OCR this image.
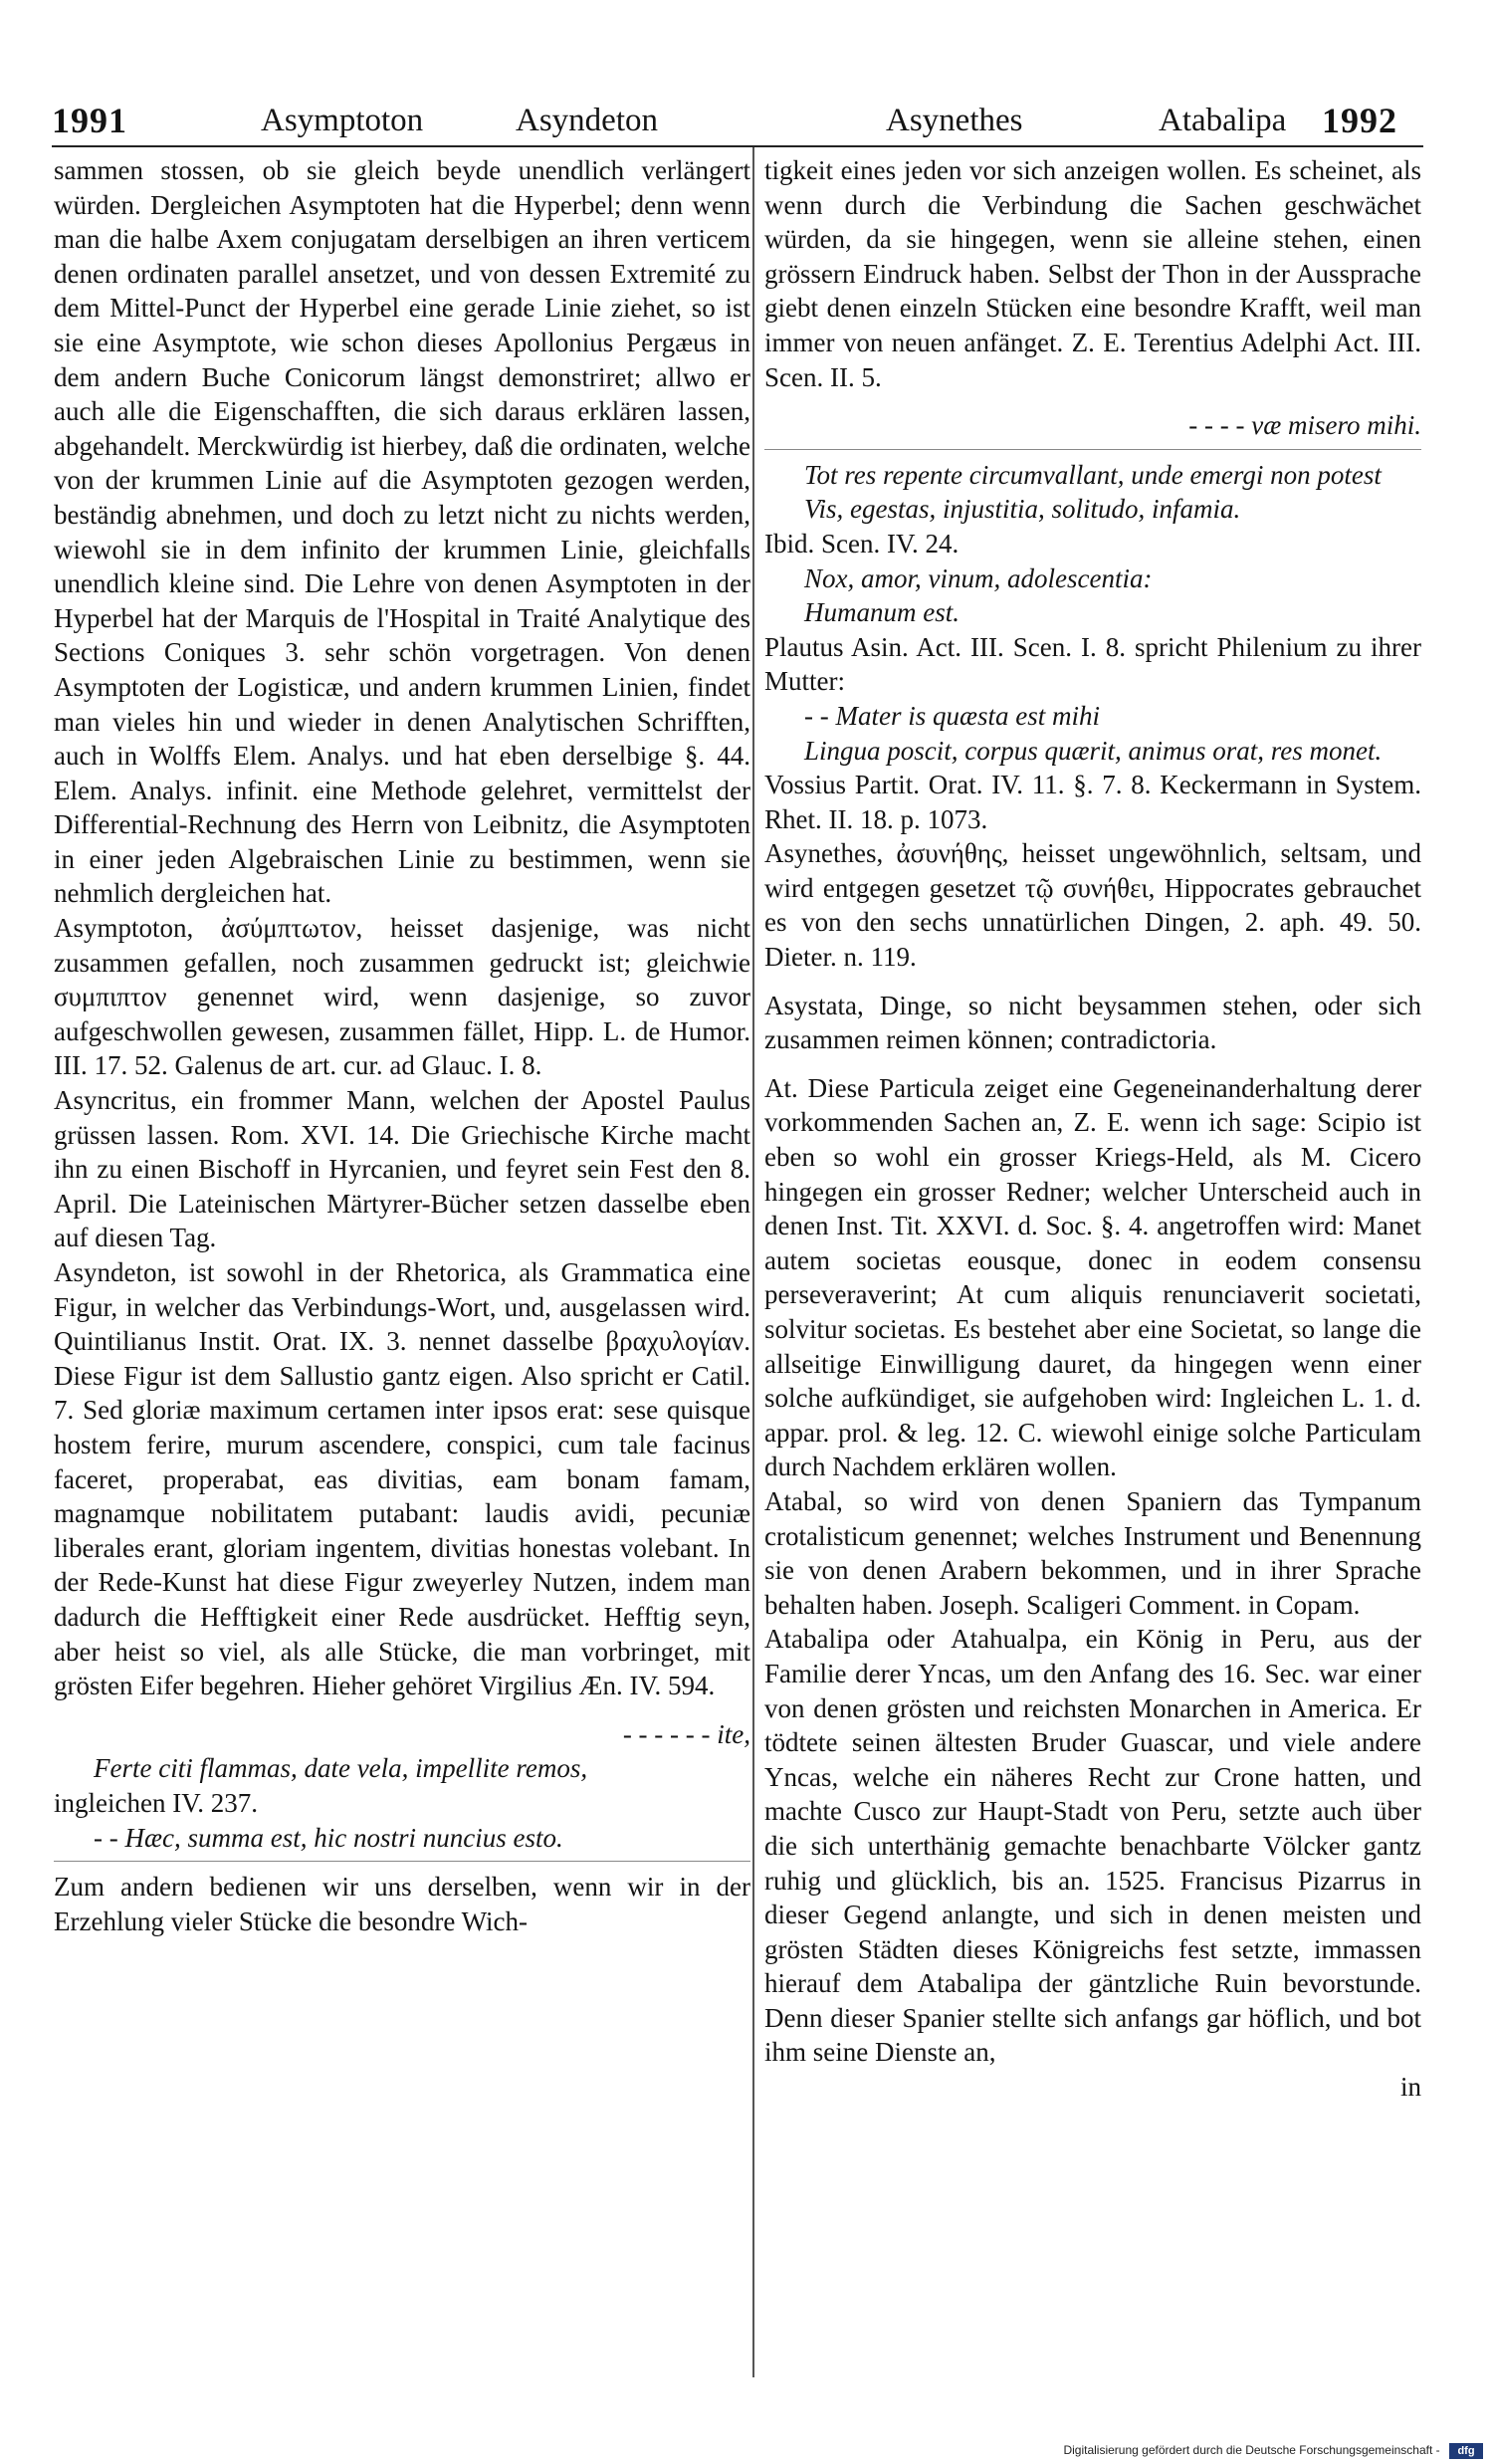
1991	Asymptoton	Asyndeton	Asynethes	Atabalipa 1992

sammen stossen, ob sie gleich beyde unendlich verlängert würden. Dergleichen Asymptoten hat die Hyperbel; denn wenn man die halbe Axem conjugatam derselbigen an ihren verticem denen ordinaten parallel ansetzet, und von dessen Extremité zu dem Mittel-Punct der Hyperbel eine gerade Linie ziehet, so ist sie eine Asymptote, wie schon dieses Apollonius Pergæus in dem andern Buche Conicorum längst demonstriret; allwo er auch alle die Eigenschafften, die sich daraus erklären lassen, abgehandelt. Merckwürdig ist hierbey, daß die ordinaten, welche von der krummen Linie auf die Asymptoten gezogen werden, beständig abnehmen, und doch zu letzt nicht zu nichts werden, wiewohl sie in dem infinito der krummen Linie, gleichfalls unendlich kleine sind. Die Lehre von denen Asymptoten in der Hyperbel hat der Marquis de l'Hospital in Traité Analytique des Sections Coniques 3. sehr schön vorgetragen. Von denen Asymptoten der Logisticæ, und andern krummen Linien, findet man vieles hin und wieder in denen Analytischen Schrifften, auch in Wolffs Elem. Analys. und hat eben derselbige §. 44. Elem. Analys. infinit. eine Methode gelehret, vermittelst der Differential-Rechnung des Herrn von Leibnitz, die Asymptoten in einer jeden Algebraischen Linie zu bestimmen, wenn sie nehmlich dergleichen hat.

Asymptoton, ἀσύμπτωτον, heisset dasjenige, was nicht zusammen gefallen, noch zusammen gedruckt ist; gleichwie συμπιπτον genennet wird, wenn dasjenige, so zuvor aufgeschwollen gewesen, zusammen fället, Hipp. L. de Humor. III. 17. 52. Galenus de art. cur. ad Glauc. I. 8.

Asyncritus, ein frommer Mann, welchen der Apostel Paulus grüssen lassen. Rom. XVI. 14. Die Griechische Kirche macht ihn zu einen Bischoff in Hyrcanien, und feyret sein Fest den 8. April. Die Lateinischen Märtyrer-Bücher setzen dasselbe eben auf diesen Tag.

Asyndeton, ist sowohl in der Rhetorica, als Grammatica eine Figur, in welcher das Verbindungs-Wort, und, ausgelassen wird. Quintilianus Instit. Orat. IX. 3. nennet dasselbe βραχυλογίαν. Diese Figur ist dem Sallustio gantz eigen. Also spricht er Catil. 7. Sed gloriæ maximum certamen inter ipsos erat: sese quisque hostem ferire, murum ascendere, conspici, cum tale facinus faceret, properabat, eas divitias, eam bonam famam, magnamque nobilitatem putabant: laudis avidi, pecuniæ liberales erant, gloriam ingentem, divitias honestas volebant. In der Rede-Kunst hat diese Figur zweyerley Nutzen, indem man dadurch die Hefftigkeit einer Rede ausdrücket. Hefftig seyn, aber heist so viel, als alle Stücke, die man vorbringet, mit grösten Eifer begehren. Hieher gehöret Virgilius Æn. IV. 594.

- - - - - - ite,

Ferte citi flammas, date vela, impellite remos,

ingleichen IV. 237.

- - Hæc, summa est, hic nostri nuncius esto.

Zum andern bedienen wir uns derselben, wenn wir in der Erzehlung vieler Stücke die besondre Wich-

tigkeit eines jeden vor sich anzeigen wollen. Es scheinet, als wenn durch die Verbindung die Sachen geschwächet würden, da sie hingegen, wenn sie alleine stehen, einen grössern Eindruck haben. Selbst der Thon in der Aussprache giebt denen einzeln Stücken eine besondre Krafft, weil man immer von neuen anfänget. Z. E. Terentius Adelphi Act. III. Scen. II. 5.

- - - - væ misero mihi.

Tot res repente circumvallant, unde emergi non potest

Vis, egestas, injustitia, solitudo, infamia.

Ibid. Scen. IV. 24.

Nox, amor, vinum, adolescentia:

Humanum est.

Plautus Asin. Act. III. Scen. I. 8. spricht Philenium zu ihrer Mutter:

- - Mater is quæsta est mihi

Lingua poscit, corpus quærit, animus orat, res monet.

Vossius Partit. Orat. IV. 11. §. 7. 8. Keckermann in System. Rhet. II. 18. p. 1073.

Asynethes, ἀσυνήθης, heisset ungewöhnlich, seltsam, und wird entgegen gesetzet τῷ συνήθει, Hippocrates gebrauchet es von den sechs unnatürlichen Dingen, 2. aph. 49. 50. Dieter. n. 119.

Asystata, Dinge, so nicht beysammen stehen, oder sich zusammen reimen können; contradictoria.

At. Diese Particula zeiget eine Gegeneinanderhaltung derer vorkommenden Sachen an, Z. E. wenn ich sage: Scipio ist eben so wohl ein grosser Kriegs-Held, als M. Cicero hingegen ein grosser Redner; welcher Unterscheid auch in denen Inst. Tit. XXVI. d. Soc. §. 4. angetroffen wird: Manet autem societas eousque, donec in eodem consensu perseveraverint; At cum aliquis renunciaverit societati, solvitur societas. Es bestehet aber eine Societat, so lange die allseitige Einwilligung dauret, da hingegen wenn einer solche aufkündiget, sie aufgehoben wird: Ingleichen L. 1. d. appar. prol. & leg. 12. C. wiewohl einige solche Particulam durch Nachdem erklären wollen.

Atabal, so wird von denen Spaniern das Tympanum crotalisticum genennet; welches Instrument und Benennung sie von denen Arabern bekommen, und in ihrer Sprache behalten haben. Joseph. Scaligeri Comment. in Copam.

Atabalipa oder Atahualpa, ein König in Peru, aus der Familie derer Yncas, um den Anfang des 16. Sec. war einer von denen grösten und reichsten Monarchen in America. Er tödtete seinen ältesten Bruder Guascar, und viele andere Yncas, welche ein näheres Recht zur Crone hatten, und machte Cusco zur Haupt-Stadt von Peru, setzte auch über die sich unterthänig gemachte benachbarte Völcker gantz ruhig und glücklich, bis an. 1525. Francisus Pizarrus in dieser Gegend anlangte, und sich in denen meisten und grösten Städten dieses Königreichs fest setzte, immassen hierauf dem Atabalipa der gäntzliche Ruin bevorstunde. Denn dieser Spanier stellte sich anfangs gar höflich, und bot ihm seine Dienste an,

in

Digitalisierung gefördert durch die Deutsche Forschungsgemeinschaft - dfg
